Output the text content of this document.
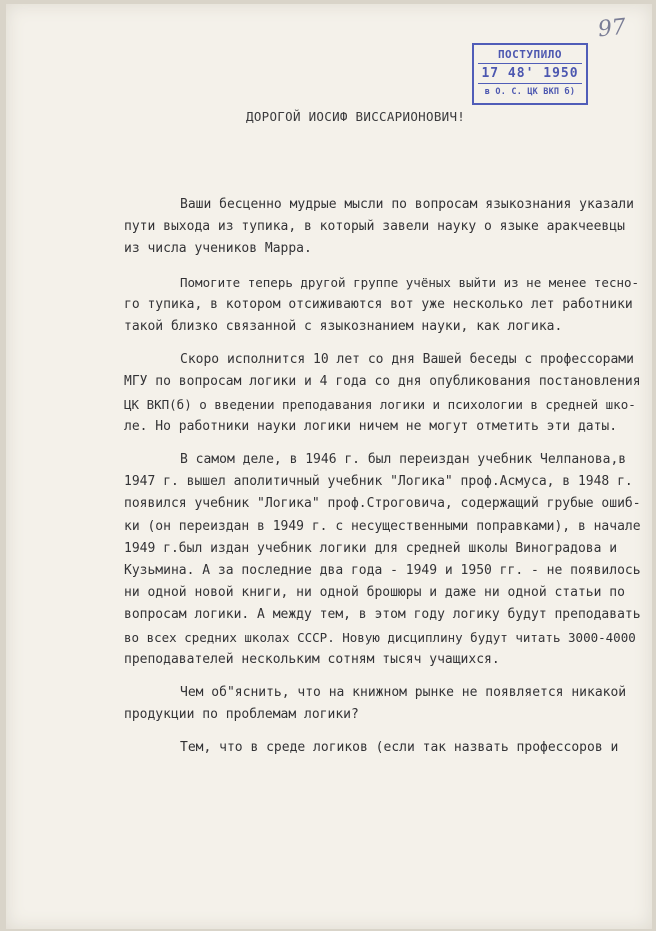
97
ПОСТУПИЛО
17 48' 1950
в О. С. ЦК ВКП б)
ДОРОГОЙ ИОСИФ ВИССАРИОНОВИЧ!

Ваши бесценно мудрые мысли по вопросам языкознания указали
пути выхода из тупика, в который завели науку о языке аракчеевцы
из числа учеников Марра.

Помогите теперь другой группе учёных выйти из не менее тесно-
го тупика, в котором отсиживаются вот уже несколько лет работники
такой близко связанной с языкознанием науки, как логика.

Скоро исполнится 10 лет со дня Вашей беседы с профессорами
МГУ по вопросам логики и 4 года со дня опубликования постановления
ЦК ВКП(б) о введении преподавания логики и психологии в средней шко-
ле. Но работники науки логики ничем не могут отметить эти даты.

В самом деле, в 1946 г. был переиздан учебник Челпанова,в
1947 г. вышел аполитичный учебник "Логика" проф.Асмуса, в 1948 г.
появился учебник "Логика" проф.Строговича, содержащий грубые ошиб-
ки (он переиздан в 1949 г. с несущественными поправками), в начале
1949 г.был издан учебник логики для средней школы Виноградова и
Кузьмина. А за последние два года - 1949 и 1950 гг. - не появилось
ни одной новой книги, ни одной брошюры и даже ни одной статьи по
вопросам логики. А между тем, в этом году логику будут преподавать
во всех средних школах СССР. Новую дисциплину будут читать 3000-4000
преподавателей нескольким сотням тысяч учащихся.

Чем об"яснить, что на книжном рынке не появляется никакой
продукции по проблемам логики?

Тем, что в среде логиков (если так назвать профессоров и
